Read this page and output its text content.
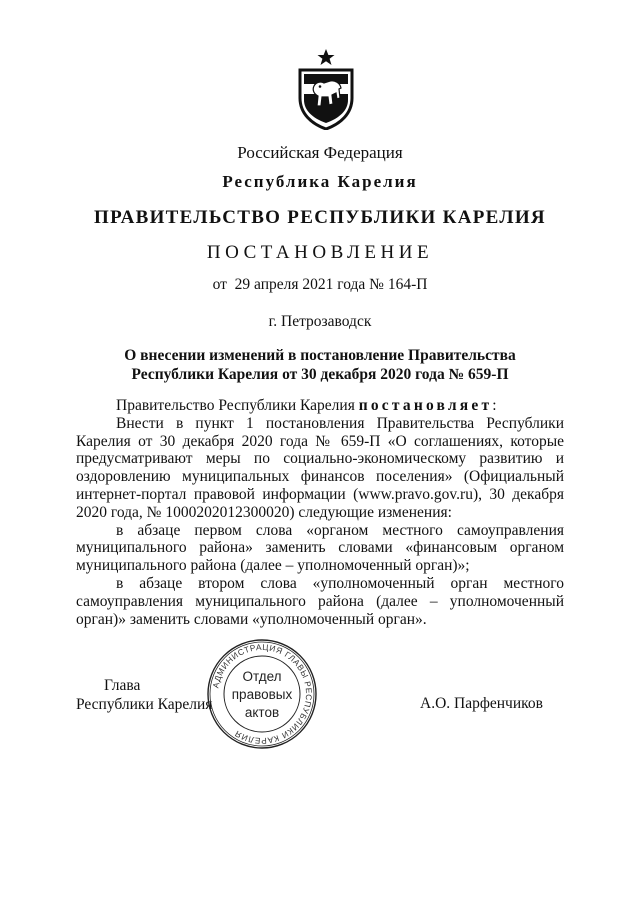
Российская Федерация
Республика Карелия
ПРАВИТЕЛЬСТВО РЕСПУБЛИКИ КАРЕЛИЯ
ПОСТАНОВЛЕНИЕ
от  29 апреля 2021 года № 164-П
г. Петрозаводск
О внесении изменений в постановление Правительства
Республики Карелия от 30 декабря 2020 года № 659-П

Правительство Республики Карелия постановляет:

Внести в пункт 1 постановления Правительства Республики Карелия от 30 декабря 2020 года № 659-П «О соглашениях, которые предусматривают меры по социально-экономическому развитию и оздоровлению муниципальных финансов поселения» (Официальный интернет-портал правовой информации (www.pravo.gov.ru), 30 декабря 2020 года, № 1000202012300020) следующие изменения:

в абзаце первом слова «органом местного самоуправления муниципального района» заменить словами «финансовым органом муниципального района (далее – уполномоченный орган)»;

в абзаце втором слова «уполномоченный орган местного самоуправления муниципального района (далее – уполномоченный орган)» заменить словами «уполномоченный орган».

Глава
Республики Карелия	А.О. Парфенчиков
АДМИНИСТРАЦИЯ ГЛАВЫ РЕСПУБЛИКИ КАРЕЛИЯ
Отдел
правовых
актов
